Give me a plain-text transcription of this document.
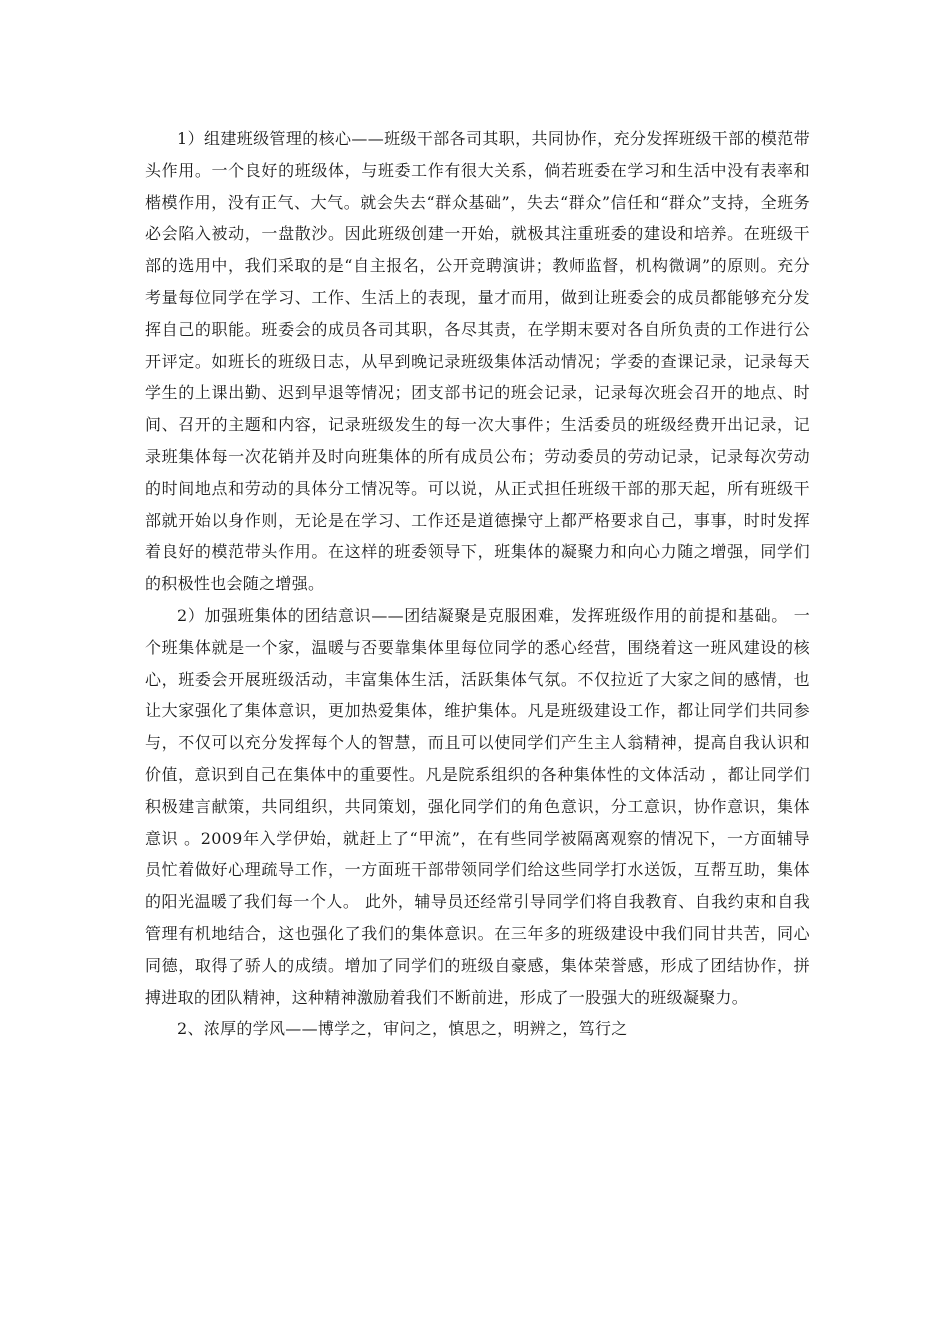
1）组建班级管理的核心——班级干部各司其职，共同协作，充分发挥班级干部的模范带头作用。一个良好的班级体，与班委工作有很大关系，倘若班委在学习和生活中没有表率和楷模作用，没有正气、大气。就会失去“群众基础”，失去“群众”信任和“群众”支持，全班务必会陷入被动，一盘散沙。因此班级创建一开始，就极其注重班委的建设和培养。在班级干部的选用中，我们采取的是“自主报名，公开竞聘演讲；教师监督，机构微调”的原则。充分考量每位同学在学习、工作、生活上的表现，量才而用，做到让班委会的成员都能够充分发挥自己的职能。班委会的成员各司其职，各尽其责，在学期末要对各自所负责的工作进行公开评定。如班长的班级日志，从早到晚记录班级集体活动情况；学委的查课记录，记录每天学生的上课出勤、迟到早退等情况；团支部书记的班会记录，记录每次班会召开的地点、时间、召开的主题和内容，记录班级发生的每一次大事件；生活委员的班级经费开出记录，记录班集体每一次花销并及时向班集体的所有成员公布；劳动委员的劳动记录，记录每次劳动的时间地点和劳动的具体分工情况等。可以说，从正式担任班级干部的那天起，所有班级干部就开始以身作则，无论是在学习、工作还是道德操守上都严格要求自己，事事，时时发挥着良好的模范带头作用。在这样的班委领导下，班集体的凝聚力和向心力随之增强，同学们的积极性也会随之增强。

2）加强班集体的团结意识——团结凝聚是克服困难，发挥班级作用的前提和基础。 一个班集体就是一个家，温暖与否要靠集体里每位同学的悉心经营，围绕着这一班风建设的核心，班委会开展班级活动，丰富集体生活，活跃集体气氛。不仅拉近了大家之间的感情，也让大家强化了集体意识，更加热爱集体，维护集体。凡是班级建设工作，都让同学们共同参与，不仅可以充分发挥每个人的智慧，而且可以使同学们产生主人翁精神，提高自我认识和价值，意识到自己在集体中的重要性。凡是院系组织的各种集体性的文体活动 ，都让同学们积极建言献策，共同组织，共同策划，强化同学们的角色意识，分工意识，协作意识，集体意识 。2009年入学伊始，就赶上了“甲流”，在有些同学被隔离观察的情况下，一方面辅导员忙着做好心理疏导工作，一方面班干部带领同学们给这些同学打水送饭，互帮互助，集体的阳光温暖了我们每一个人。 此外，辅导员还经常引导同学们将自我教育、自我约束和自我管理有机地结合，这也强化了我们的集体意识。在三年多的班级建设中我们同甘共苦，同心同德，取得了骄人的成绩。增加了同学们的班级自豪感，集体荣誉感，形成了团结协作，拼搏进取的团队精神，这种精神激励着我们不断前进，形成了一股强大的班级凝聚力。

2、浓厚的学风——博学之，审问之，慎思之，明辨之，笃行之
